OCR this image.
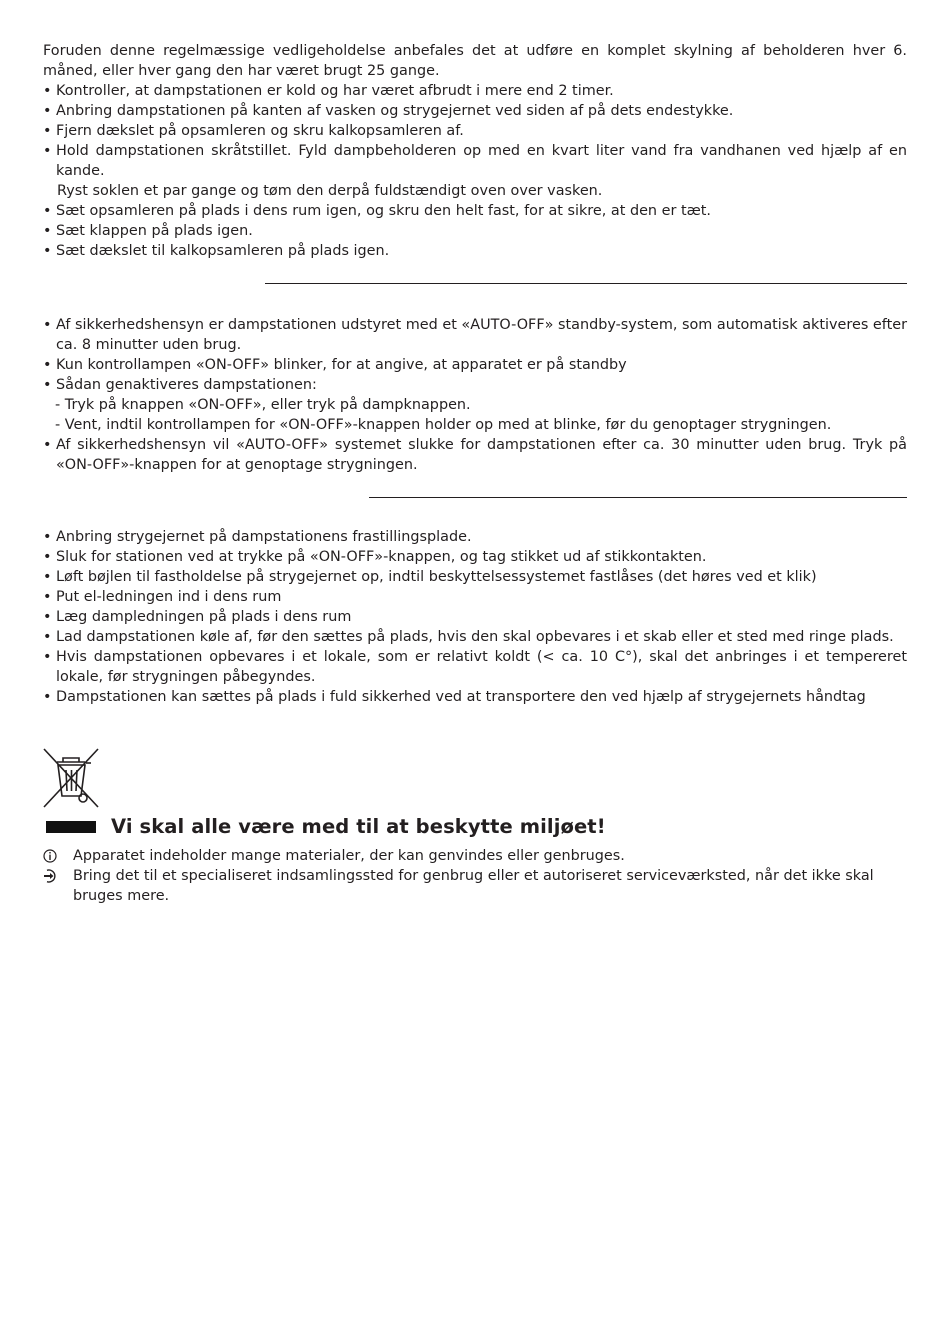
Foruden denne regelmæssige vedligeholdelse anbefales det at udføre en komplet skylning af beholderen hver 6. måned, eller hver gang den har været brugt 25 gange.

• Kontroller, at dampstationen er kold og har været afbrudt i mere end 2 timer.
• Anbring dampstationen på kanten af vasken og strygejernet ved siden af på dets endestykke.
• Fjern dækslet på opsamleren og skru kalkopsamleren af.
• Hold dampstationen skråtstillet. Fyld dampbeholderen op med en kvart liter vand fra vandhanen ved hjælp af en kande.

Ryst soklen et par gange og tøm den derpå fuldstændigt oven over vasken.

• Sæt opsamleren på plads i dens rum igen, og skru den helt fast, for at sikre, at den er tæt.
• Sæt klappen på plads igen.
• Sæt dækslet til kalkopsamleren på plads igen.
• Af sikkerhedshensyn er dampstationen udstyret med et «AUTO-OFF» standby-system, som automatisk aktiveres efter ca. 8 minutter uden brug.
• Kun kontrollampen «ON-OFF» blinker, for at angive, at apparatet er på standby
• Sådan genaktiveres dampstationen:

- Tryk på knappen «ON-OFF», eller tryk på dampknappen.

- Vent, indtil kontrollampen for «ON-OFF»-knappen holder op med at blinke, før du genoptager strygningen.

• Af sikkerhedshensyn vil «AUTO-OFF» systemet slukke for dampstationen efter ca. 30 minutter uden brug. Tryk på «ON-OFF»-knappen for at genoptage strygningen.
• Anbring strygejernet på dampstationens frastillingsplade.
• Sluk for stationen ved at trykke på «ON-OFF»-knappen, og tag stikket ud af stikkontakten.
• Løft bøjlen til fastholdelse på strygejernet op, indtil beskyttelsessystemet fastlåses (det høres ved et klik)
• Put el-ledningen ind i dens rum
• Læg dampledningen på plads i dens rum
• Lad dampstationen køle af, før den sættes på plads, hvis den skal opbevares i et skab eller et sted med ringe plads.
• Hvis dampstationen opbevares i et lokale, som er relativt koldt (< ca. 10 C°), skal det anbringes i et tempereret lokale, før strygningen påbegyndes.
• Dampstationen kan sættes på plads i fuld sikkerhed ved at transportere den ved hjælp af strygejernets håndtag
Vi skal alle være med til at beskytte miljøet!
Apparatet indeholder mange materialer, der kan genvindes eller genbruges.
Bring det til et specialiseret indsamlingssted for genbrug eller et autoriseret serviceværksted, når det ikke skal bruges mere.
